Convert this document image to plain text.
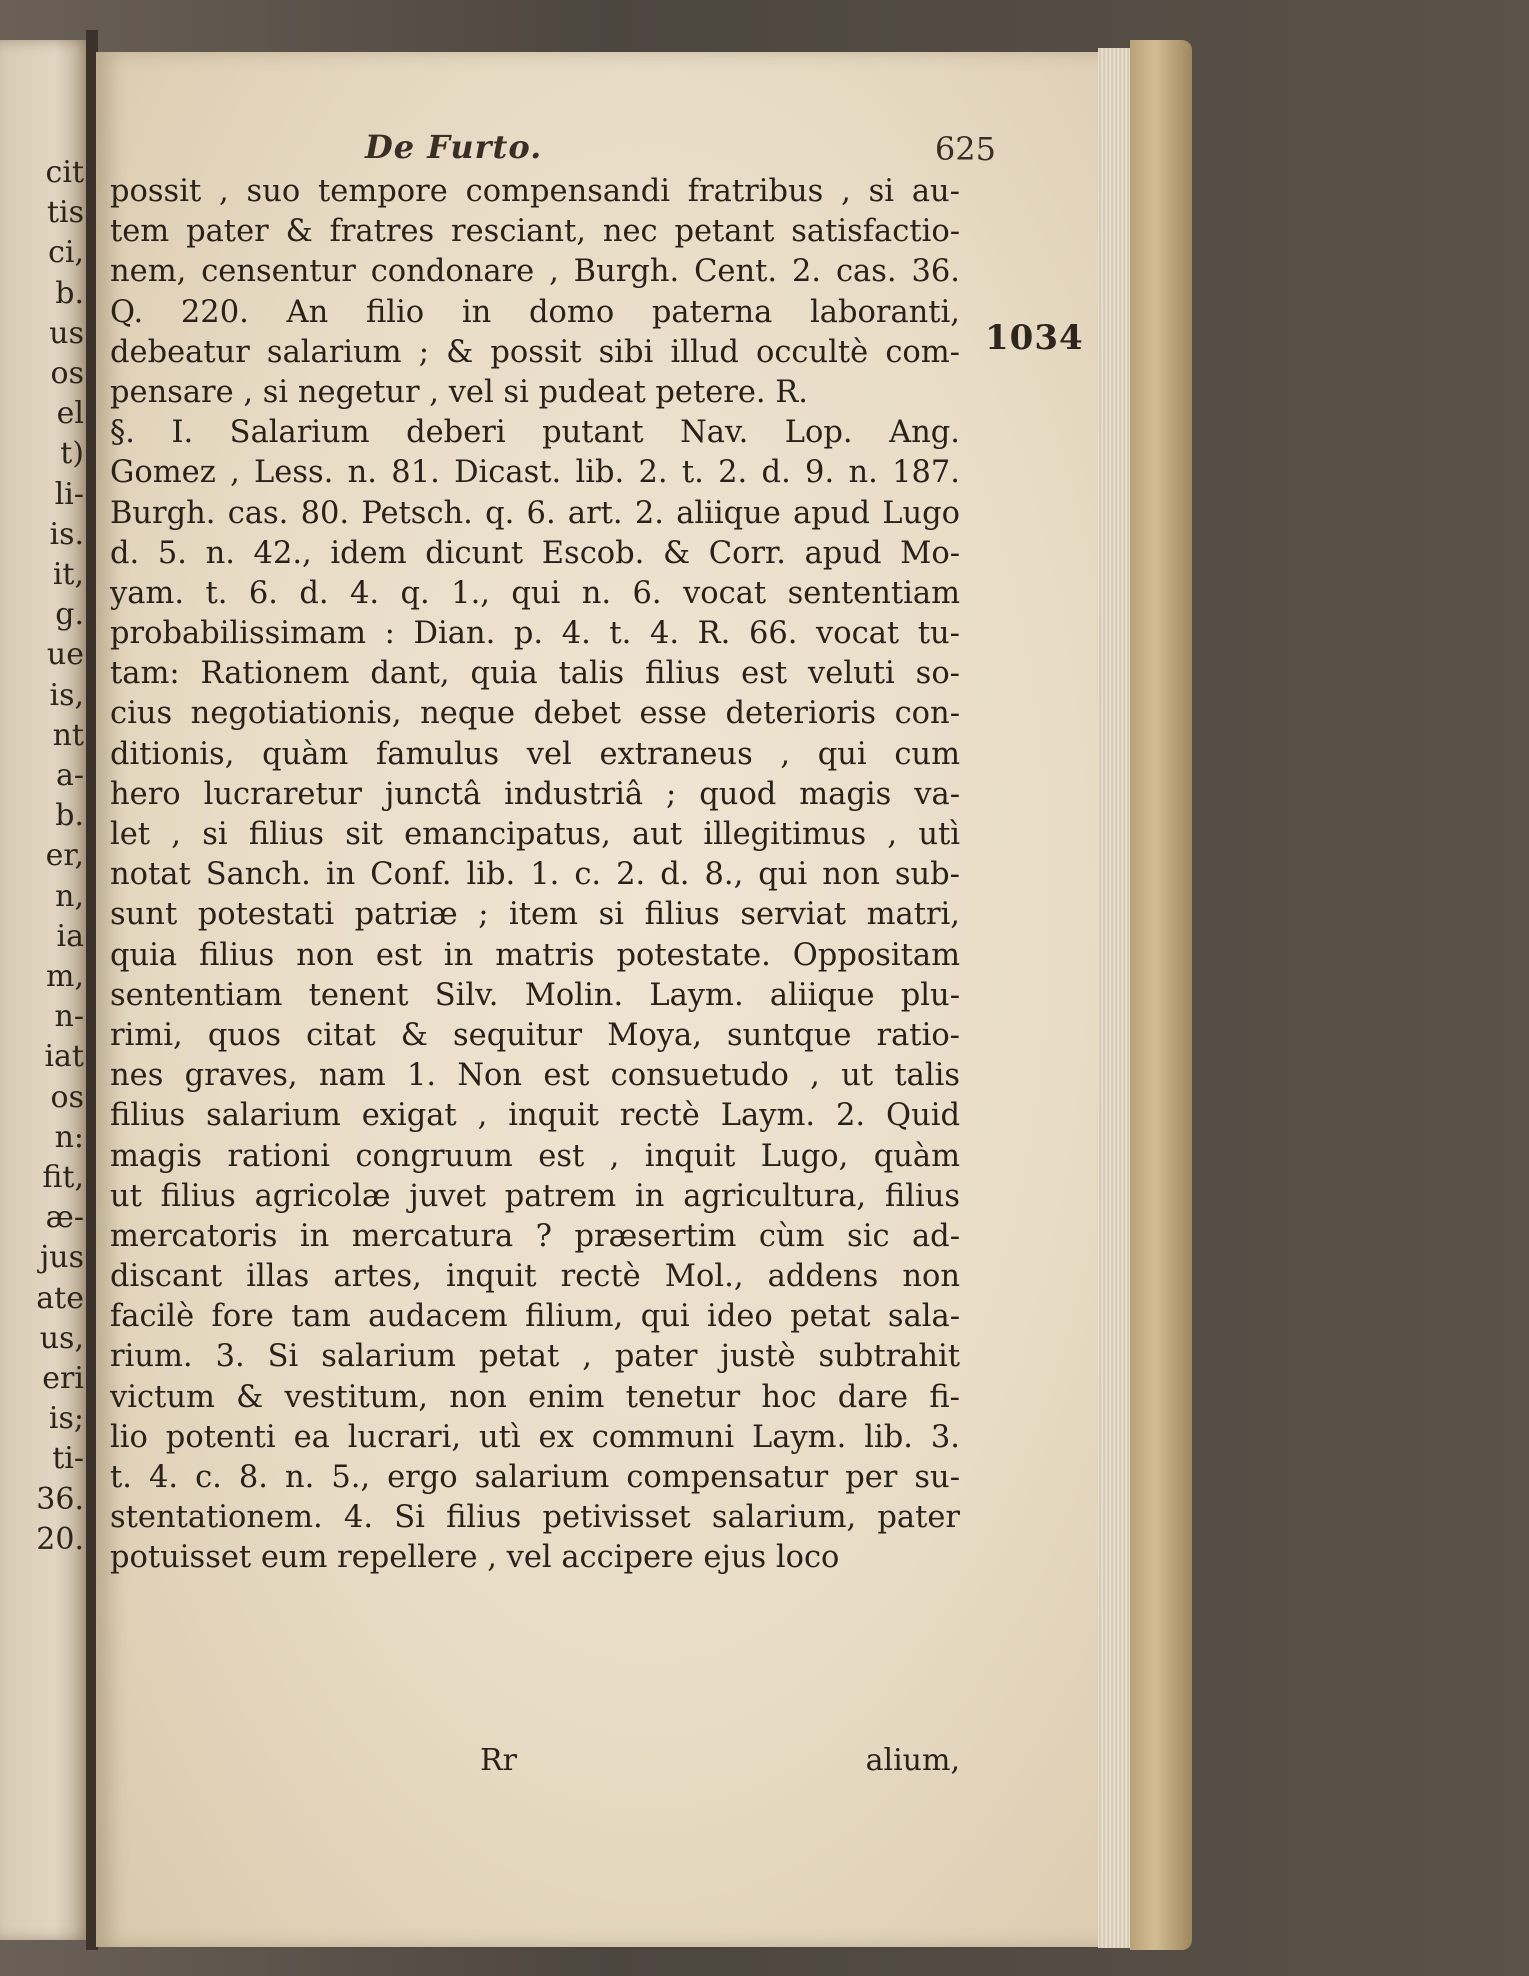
cit
tis
ci,
b.
us
os
el
t)
li-
is.
it,
g.
ue
is,
nt
a-
b.
er,
n,
ia
m,
n-
iat
os
n:
fit,
æ-
jus
ate
us,
eri
is;
ti-
36.
20.
De Furto.	625
1034
possit , suo tempore compensandi fratribus , si au-
tem pater & fratres resciant, nec petant satisfactio-
nem, censentur condonare , Burgh. Cent. 2. cas. 36.
Q. 220. An filio in domo paterna laboranti,
debeatur salarium ; & possit sibi illud occultè com-
pensare , si negetur , vel si pudeat petere. R.
§. I. Salarium deberi putant Nav. Lop. Ang.
Gomez , Less. n. 81. Dicast. lib. 2. t. 2. d. 9. n. 187.
Burgh. cas. 80. Petsch. q. 6. art. 2. aliique apud Lugo
d. 5. n. 42., idem dicunt Escob. & Corr. apud Mo-
yam. t. 6. d. 4. q. 1., qui n. 6. vocat sententiam
probabilissimam : Dian. p. 4. t. 4. R. 66. vocat tu-
tam: Rationem dant, quia talis filius est veluti so-
cius negotiationis, neque debet esse deterioris con-
ditionis, quàm famulus vel extraneus , qui cum
hero lucraretur junctâ industriâ ; quod magis va-
let , si filius sit emancipatus, aut illegitimus , utì
notat Sanch. in Conf. lib. 1. c. 2. d. 8., qui non sub-
sunt potestati patriæ ; item si filius serviat matri,
quia filius non est in matris potestate. Oppositam
sententiam tenent Silv. Molin. Laym. aliique plu-
rimi, quos citat & sequitur Moya, suntque ratio-
nes graves, nam 1. Non est consuetudo , ut talis
filius salarium exigat , inquit rectè Laym. 2. Quid
magis rationi congruum est , inquit Lugo, quàm
ut filius agricolæ juvet patrem in agricultura, filius
mercatoris in mercatura ? præsertim cùm sic ad-
discant illas artes, inquit rectè Mol., addens non
facilè fore tam audacem filium, qui ideo petat sala-
rium. 3. Si salarium petat , pater justè subtrahit
victum & vestitum, non enim tenetur hoc dare fi-
lio potenti ea lucrari, utì ex communi Laym. lib. 3.
t. 4. c. 8. n. 5., ergo salarium compensatur per su-
stentationem. 4. Si filius petivisset salarium, pater
potuisset eum repellere , vel accipere ejus loco
Rr	alium,
